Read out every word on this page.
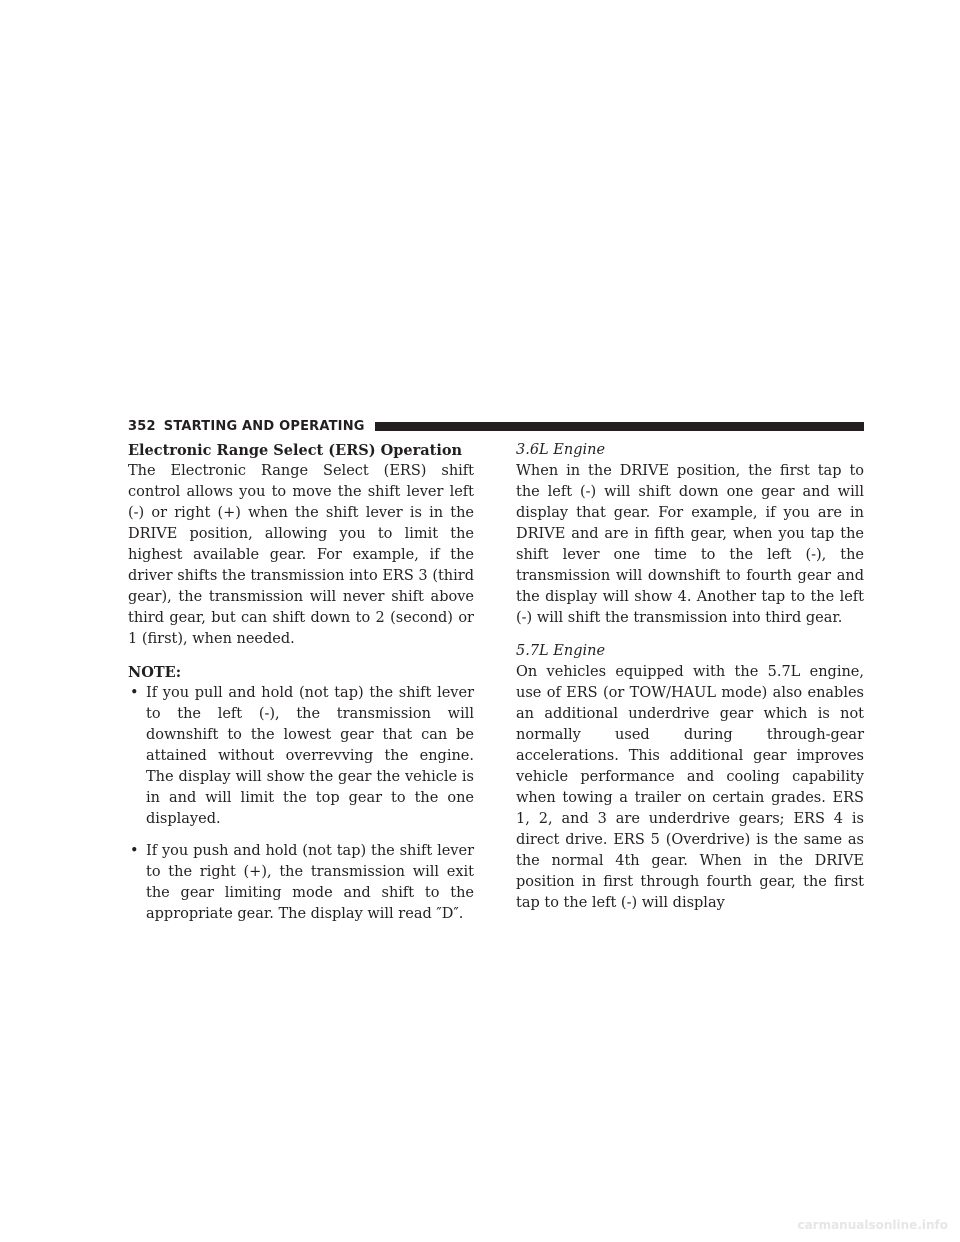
352 STARTING AND OPERATING

Electronic Range Select (ERS) Operation

The Electronic Range Select (ERS) shift control allows you to move the shift lever left (-) or right (+) when the shift lever is in the DRIVE position, allowing you to limit the highest available gear. For example, if the driver shifts the transmission into ERS 3 (third gear), the transmission will never shift above third gear, but can shift down to 2 (second) or 1 (first), when needed.

NOTE:

• If you pull and hold (not tap) the shift lever to the left (-), the transmission will downshift to the lowest gear that can be attained without overrevving the engine. The display will show the gear the vehicle is in and will limit the top gear to the one displayed.

• If you push and hold (not tap) the shift lever to the right (+), the transmission will exit the gear limiting mode and shift to the appropriate gear. The display will read ″D″.

3.6L Engine

When in the DRIVE position, the first tap to the left (-) will shift down one gear and will display that gear. For example, if you are in DRIVE and are in fifth gear, when you tap the shift lever one time to the left (-), the transmission will downshift to fourth gear and the display will show 4. Another tap to the left (-) will shift the transmission into third gear.

5.7L Engine

On vehicles equipped with the 5.7L engine, use of ERS (or TOW/HAUL mode) also enables an additional underdrive gear which is not normally used during through-gear accelerations. This additional gear improves vehicle performance and cooling capability when towing a trailer on certain grades. ERS 1, 2, and 3 are underdrive gears; ERS 4 is direct drive. ERS 5 (Overdrive) is the same as the normal 4th gear. When in the DRIVE position in first through fourth gear, the first tap to the left (-) will display

carmanualsonline.info
